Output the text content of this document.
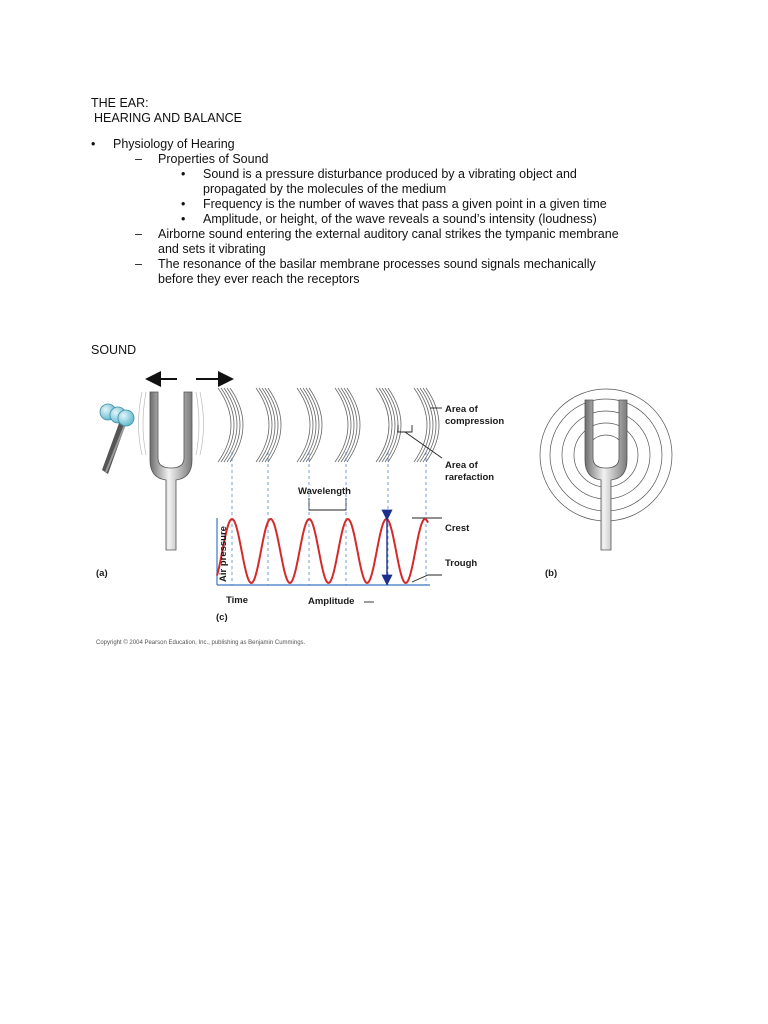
THE EAR:
HEARING AND BALANCE
• Physiology of Hearing
– Properties of Sound
• Sound is a pressure disturbance produced by a vibrating object and
propagated by the molecules of the medium
• Frequency is the number of waves that pass a given point in a given time
• Amplitude, or height, of the wave reveals a sound’s intensity (loudness)
– Airborne sound entering the external auditory canal strikes the tympanic membrane
and sets it vibrating
– The resonance of the basilar membrane processes sound signals mechanically
before they ever reach the receptors
SOUND
Area of
compression
Area of
rarefaction
Wavelength
Crest
Trough
Air pressure
Time	Amplitude
(a)	(b)
(c)
Copyright © 2004 Pearson Education, Inc., publishing as Benjamin Cummings.
